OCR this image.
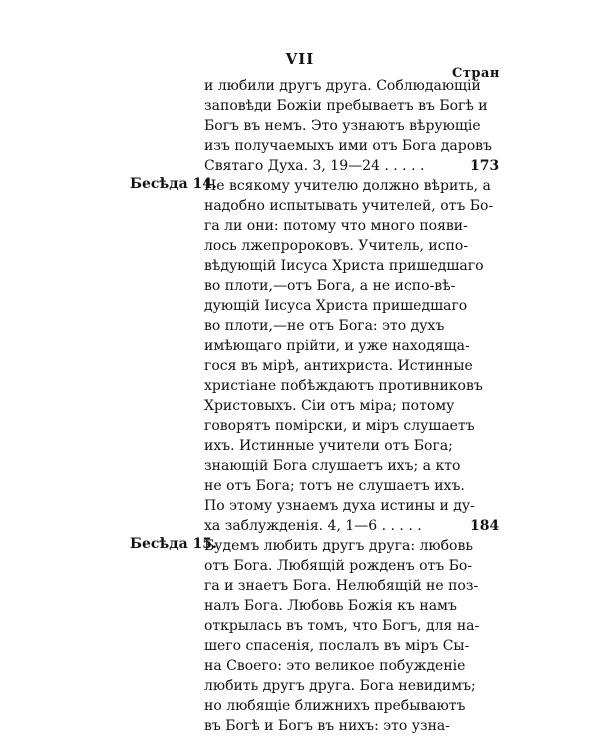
VII
Стран
и любили другъ друга. Соблюдающій
заповѣди Божіи пребываетъ въ Богѣ и
Богъ въ немъ. Это узнаютъ вѣрующіе
изъ получаемыхъ ими отъ Бога даровъ
Святаго Духа. 3, 19—24 . . . . .	173
Бесѣда 14.
Не всякому учителю должно вѣрить, а
надобно испытывать учителей, отъ Бо-
га ли они: потому что много появи-
лось лжепророковъ. Учитель, испо-
вѣдующій Іисуса Христа пришедшаго
во плоти,—отъ Бога, а не испо-вѣ-
дующій Іисуса Христа пришедшаго
во плоти,—не отъ Бога: это духъ
имѣющаго прійти, и уже находяща-
гося въ мірѣ, антихриста. Истинные
христіане побѣждаютъ противниковъ
Христовыхъ. Сіи отъ міра; потому
говорятъ помірски, и міръ слушаетъ
ихъ. Истинные учители отъ Бога;
знающій Бога слушаетъ ихъ; а кто
не отъ Бога; тотъ не слушаетъ ихъ.
По этому узнаемъ духа истины и ду-
ха заблужденія. 4, 1—6 . . . . .	184
Бесѣда 15.
Будемъ любить другъ друга: любовь
отъ Бога. Любящій рожденъ отъ Бо-
га и знаетъ Бога. Нелюбящій не поз-
налъ Бога. Любовь Божія къ намъ
открылась въ томъ, что Богъ, для на-
шего спасенія, послалъ въ міръ Сы-
на Своего: это великое побужденіе
любить другъ друга. Бога невидимъ;
но любящіе ближнихъ пребываютъ
въ Богѣ и Богъ въ нихъ: это узна-
